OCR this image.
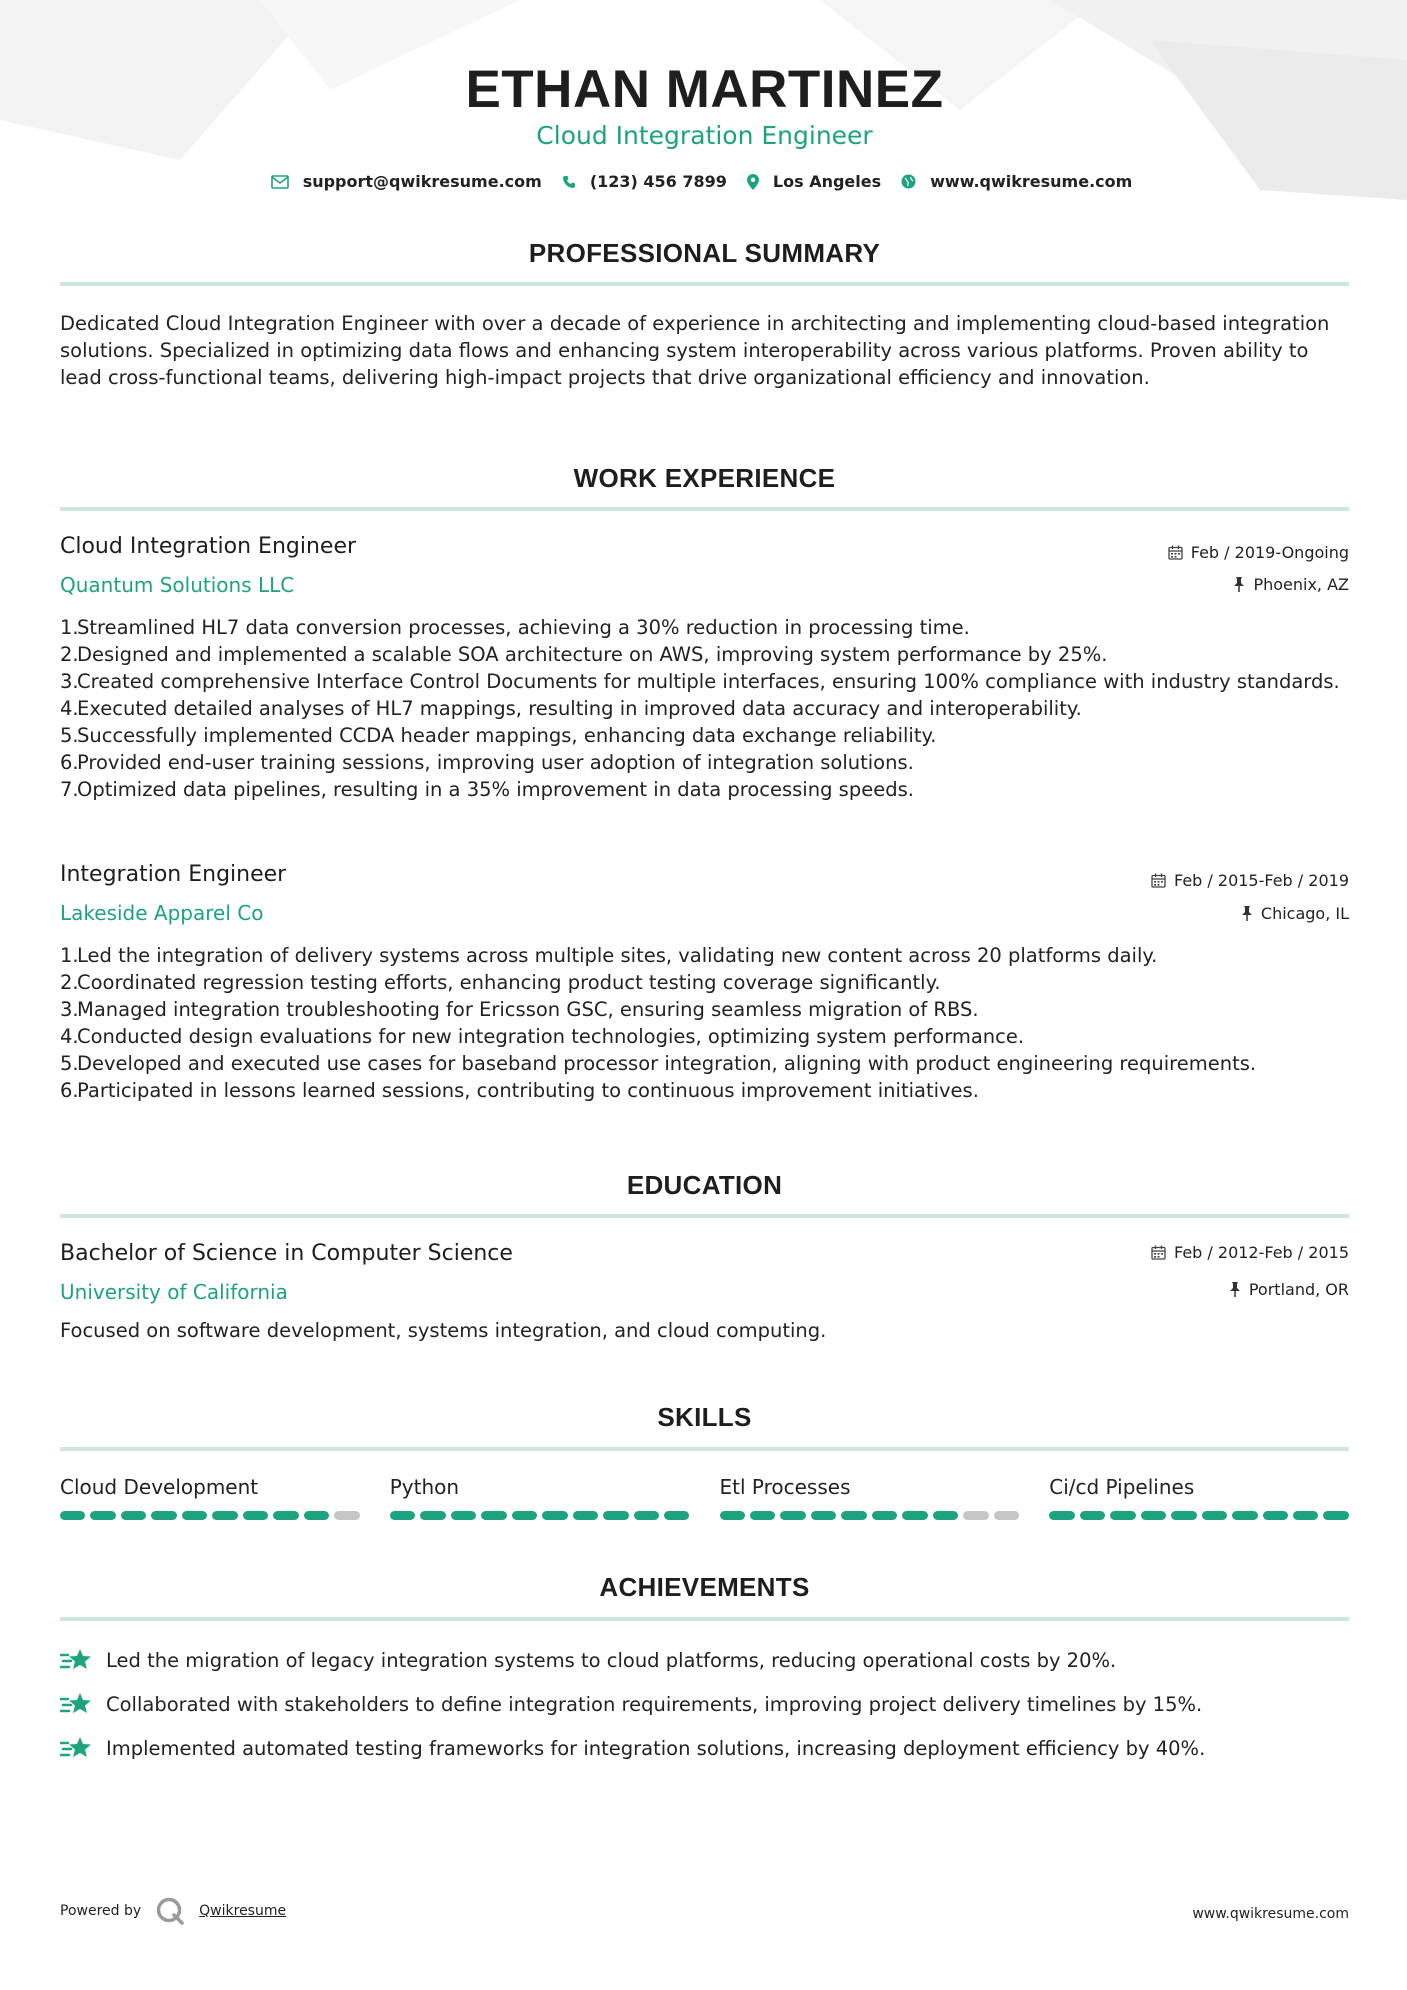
ETHAN MARTINEZ
Cloud Integration Engineer
support@qwikresume.com	(123) 456 7899	Los Angeles	www.qwikresume.com
PROFESSIONAL SUMMARY
Dedicated Cloud Integration Engineer with over a decade of experience in architecting and implementing cloud-based integration solutions. Specialized in optimizing data flows and enhancing system interoperability across various platforms. Proven ability to lead cross-functional teams, delivering high-impact projects that drive organizational efficiency and innovation.
WORK EXPERIENCE
Cloud Integration Engineer	Feb / 2019-Ongoing
Quantum Solutions LLC	Phoenix, AZ
1.
Streamlined HL7 data conversion processes, achieving a 30% reduction in processing time.
2.
Designed and implemented a scalable SOA architecture on AWS, improving system performance by 25%.
3.
Created comprehensive Interface Control Documents for multiple interfaces, ensuring 100% compliance with industry standards.
4.
Executed detailed analyses of HL7 mappings, resulting in improved data accuracy and interoperability.
5.
Successfully implemented CCDA header mappings, enhancing data exchange reliability.
6.
Provided end-user training sessions, improving user adoption of integration solutions.
7.
Optimized data pipelines, resulting in a 35% improvement in data processing speeds.
Integration Engineer	Feb / 2015-Feb / 2019
Lakeside Apparel Co	Chicago, IL
1.
Led the integration of delivery systems across multiple sites, validating new content across 20 platforms daily.
2.
Coordinated regression testing efforts, enhancing product testing coverage significantly.
3.
Managed integration troubleshooting for Ericsson GSC, ensuring seamless migration of RBS.
4.
Conducted design evaluations for new integration technologies, optimizing system performance.
5.
Developed and executed use cases for baseband processor integration, aligning with product engineering requirements.
6.
Participated in lessons learned sessions, contributing to continuous improvement initiatives.
EDUCATION
Bachelor of Science in Computer Science	Feb / 2012-Feb / 2015
University of California	Portland, OR
Focused on software development, systems integration, and cloud computing.
SKILLS
Cloud Development	Python	Etl Processes	Ci/cd Pipelines
ACHIEVEMENTS
Led the migration of legacy integration systems to cloud platforms, reducing operational costs by 20%.
Collaborated with stakeholders to define integration requirements, improving project delivery timelines by 15%.
Implemented automated testing frameworks for integration solutions, increasing deployment efficiency by 40%.
Powered by	Qwikresume	www.qwikresume.com
